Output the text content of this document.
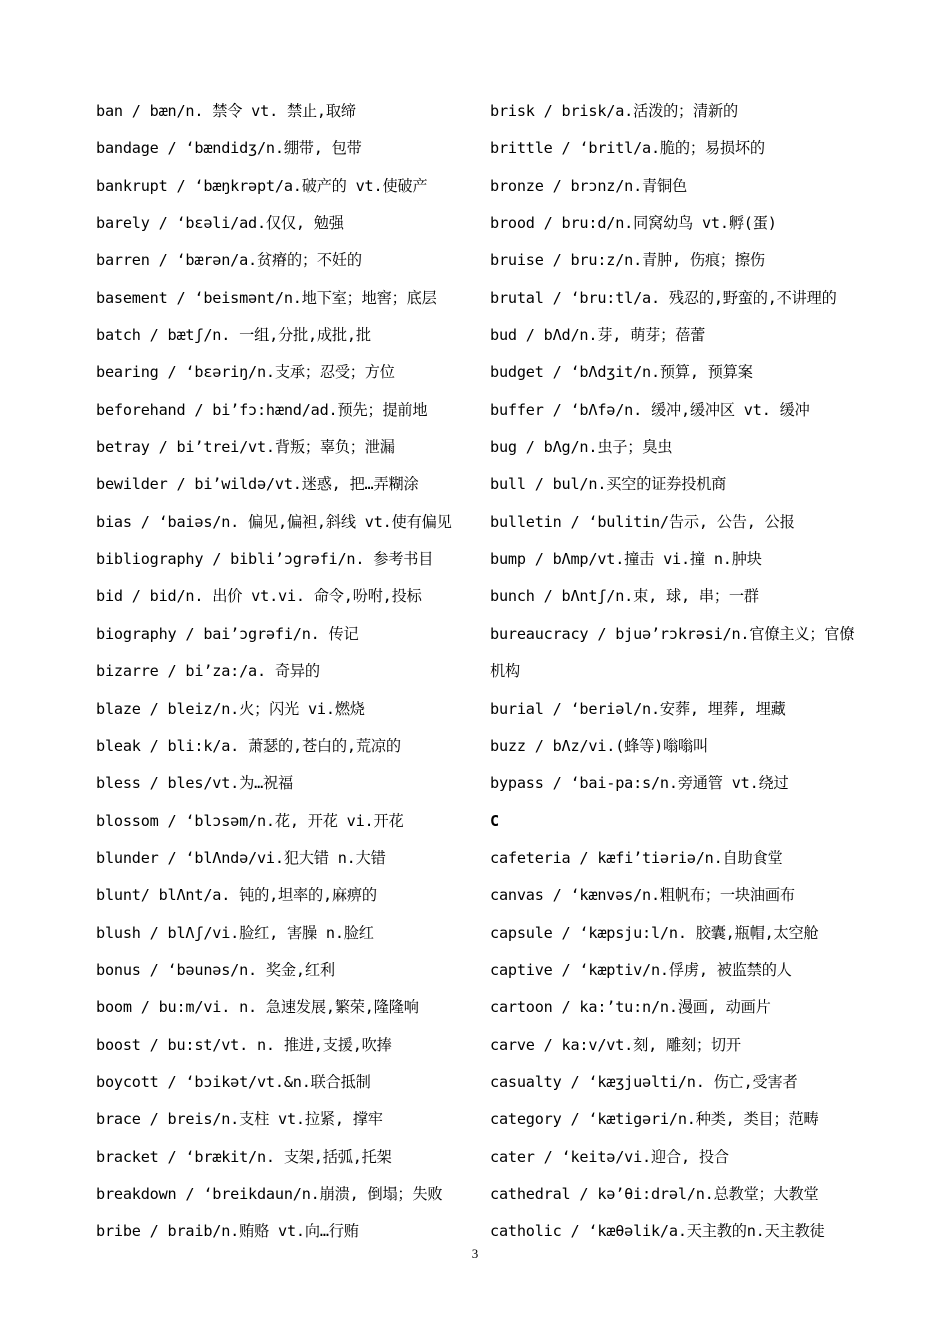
ban / bæn/n. 禁令 vt. 禁止,取缔
bandage / ‘bændidʒ/n.绷带, 包带
bankrupt / ‘bæŋkrəpt/a.破产的 vt.使破产
barely / ‘bɛəli/ad.仅仅, 勉强
barren / ‘bærən/a.贫瘠的；不妊的
basement / ‘beismənt/n.地下室；地窖；底层
batch / bætʃ/n. 一组,分批,成批,批
bearing / ‘bɛəriŋ/n.支承；忍受；方位
beforehand / bi’fɔ:hænd/ad.预先；提前地
betray / bi’trei/vt.背叛；辜负；泄漏
bewilder / bi’wildə/vt.迷惑, 把…弄糊涂
bias / ‘baiəs/n. 偏见,偏袒,斜线 vt.使有偏见
bibliography / bibli’ɔgrəfi/n. 参考书目
bid / bid/n. 出价 vt.vi. 命令,吩咐,投标
biography / bai’ɔgrəfi/n. 传记
bizarre / bi’za:/a. 奇异的
blaze / bleiz/n.火；闪光 vi.燃烧
bleak / bli:k/a. 萧瑟的,苍白的,荒凉的
bless / bles/vt.为…祝福
blossom / ‘blɔsəm/n.花, 开花 vi.开花
blunder / ‘blΛndə/vi.犯大错 n.大错
blunt/ blΛnt/a. 钝的,坦率的,麻痹的
blush / blΛʃ/vi.脸红, 害臊 n.脸红
bonus / ‘bəunəs/n. 奖金,红利
boom / bu:m/vi. n. 急速发展,繁荣,隆隆响
boost / bu:st/vt. n. 推进,支援,吹捧
boycott / ‘bɔikət/vt.&n.联合抵制
brace / breis/n.支柱 vt.拉紧, 撑牢
bracket / ‘brækit/n. 支架,括弧,托架
breakdown / ‘breikdaun/n.崩溃, 倒塌；失败
bribe / braib/n.贿赂 vt.向…行贿
brisk / brisk/a.活泼的；清新的
brittle / ‘britl/a.脆的；易损坏的
bronze / brɔnz/n.青铜色
brood / bru:d/n.同窝幼鸟 vt.孵(蛋)
bruise / bru:z/n.青肿, 伤痕；擦伤
brutal / ‘bru:tl/a. 残忍的,野蛮的,不讲理的
bud / bΛd/n.芽, 萌芽；蓓蕾
budget / ‘bΛdʒit/n.预算, 预算案
buffer / ‘bΛfə/n. 缓冲,缓冲区 vt. 缓冲
bug / bΛg/n.虫子；臭虫
bull / bul/n.买空的证券投机商
bulletin / ‘bulitin/告示, 公告, 公报
bump / bΛmp/vt.撞击 vi.撞 n.肿块
bunch / bΛntʃ/n.束, 球, 串；一群
bureaucracy / bjuə’rɔkrəsi/n.官僚主义；官僚机构
burial / ‘beriəl/n.安葬, 埋葬, 埋藏
buzz / bΛz/vi.(蜂等)嗡嗡叫
bypass / ‘bai-pa:s/n.旁通管 vt.绕过
C
cafeteria / kæfi’tiəriə/n.自助食堂
canvas / ‘kænvəs/n.粗帆布；一块油画布
capsule / ‘kæpsju:l/n. 胶囊,瓶帽,太空舱
captive / ‘kæptiv/n.俘虏, 被监禁的人
cartoon / ka:’tu:n/n.漫画, 动画片
carve / ka:v/vt.刻, 雕刻；切开
casualty / ‘kæʒjuəlti/n. 伤亡,受害者
category / ‘kætigəri/n.种类, 类目；范畴
cater / ‘keitə/vi.迎合, 投合
cathedral / kə’θi:drəl/n.总教堂；大教堂
catholic / ‘kæθəlik/a.天主教的n.天主教徒
3
